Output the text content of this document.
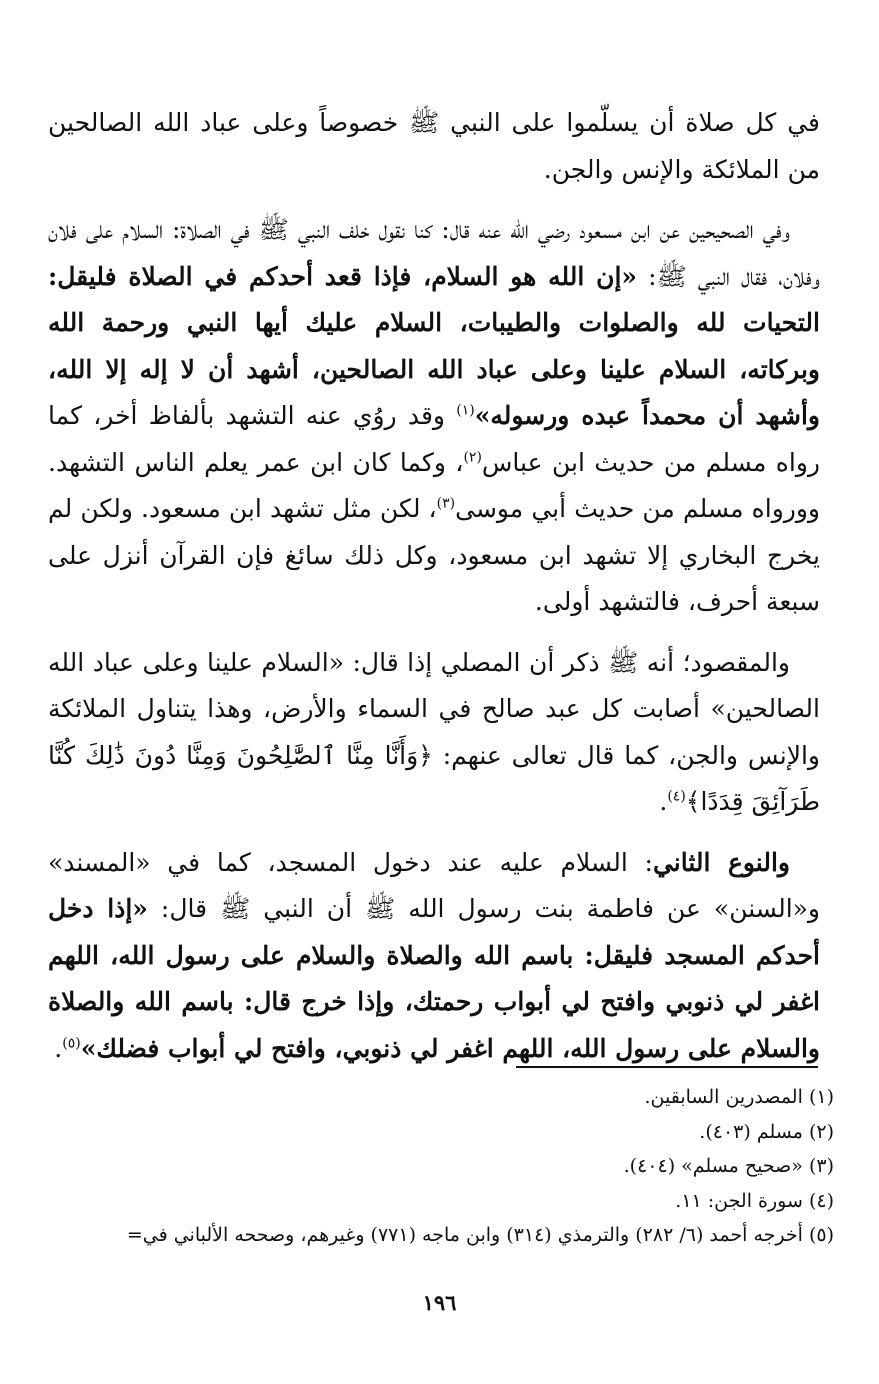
في كل صلاة أن يسلّموا على النبي ﷺ خصوصاً وعلى عباد الله الصالحين من الملائكة والإنس والجن.

وفي الصحيحين عن ابن مسعود رضي الله عنه قال: كنا نقول خلف النبي ﷺ في الصلاة: السلام على فلان وفلان، فقال النبي ﷺ: «إن الله هو السلام، فإذا قعد أحدكم في الصلاة فليقل: التحيات لله والصلوات والطيبات، السلام عليك أيها النبي ورحمة الله وبركاته، السلام علينا وعلى عباد الله الصالحين، أشهد أن لا إله إلا الله، وأشهد أن محمداً عبده ورسوله»$^{(١)}$ وقد روُي عنه التشهد بألفاظ أخر، كما رواه مسلم من حديث ابن عباس$^{(٢)}$، وكما كان ابن عمر يعلم الناس التشهد. وورواه مسلم من حديث أبي موسى$^{(٣)}$، لكن مثل تشهد ابن مسعود. ولكن لم يخرج البخاري إلا تشهد ابن مسعود، وكل ذلك سائغ فإن القرآن أنزل على سبعة أحرف، فالتشهد أولى.

والمقصود؛ أنه ﷺ ذكر أن المصلي إذا قال: «السلام علينا وعلى عباد الله الصالحين» أصابت كل عبد صالح في السماء والأرض، وهذا يتناول الملائكة والإنس والجن، كما قال تعالى عنهم: ﴿وَأَنَّا مِنَّا ٱلصَّٰلِحُونَ وَمِنَّا دُونَ ذَٰلِكَ كُنَّا طَرَآئِقَ قِدَدًا﴾$^{(٤)}$.

والنوع الثاني: السلام عليه عند دخول المسجد، كما في «المسند» و«السنن» عن فاطمة بنت رسول الله ﷺ أن النبي ﷺ قال: «إذا دخل أحدكم المسجد فليقل: باسم الله والصلاة والسلام على رسول الله، اللهم اغفر لي ذنوبي وافتح لي أبواب رحمتك، وإذا خرج قال: باسم الله والصلاة والسلام على رسول الله، اللهم اغفر لي ذنوبي، وافتح لي أبواب فضلك»$^{(٥)}$.

(١) المصدرين السابقين.
(٢) مسلم (٤٠٣).
(٣) «صحيح مسلم» (٤٠٤).
(٤) سورة الجن: ١١.
(٥) أخرجه أحمد (٦/ ٢٨٢) والترمذي (٣١٤) وابن ماجه (٧٧١) وغيرهم، وصححه الألباني في=
١٩٦
